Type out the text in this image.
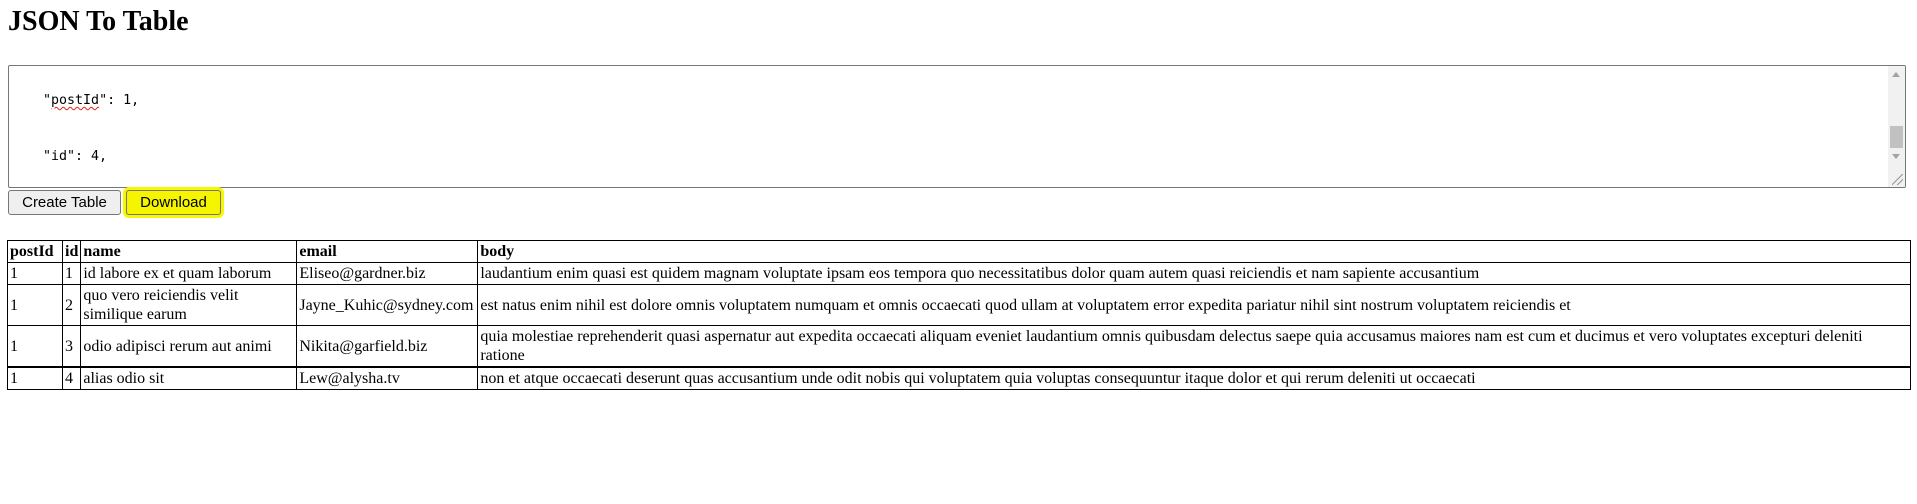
JSON To Table

"postId": 1,

"id": 4,

Create Table	Download
postId	id	name	email	body
1	1	id labore ex et quam laborum	Eliseo@gardner.biz	laudantium enim quasi est quidem magnam voluptate ipsam eos tempora quo necessitatibus dolor quam autem quasi reiciendis et nam sapiente accusantium
1	2	quo vero reiciendis velit similique earum	Jayne_Kuhic@sydney.com	est natus enim nihil est dolore omnis voluptatem numquam et omnis occaecati quod ullam at voluptatem error expedita pariatur nihil sint nostrum voluptatem reiciendis et
1	3	odio adipisci rerum aut animi	Nikita@garfield.biz	quia molestiae reprehenderit quasi aspernatur aut expedita occaecati aliquam eveniet laudantium omnis quibusdam delectus saepe quia accusamus maiores nam est cum et ducimus et vero voluptates excepturi deleniti ratione
1	4	alias odio sit	Lew@alysha.tv	non et atque occaecati deserunt quas accusantium unde odit nobis qui voluptatem quia voluptas consequuntur itaque dolor et qui rerum deleniti ut occaecati
